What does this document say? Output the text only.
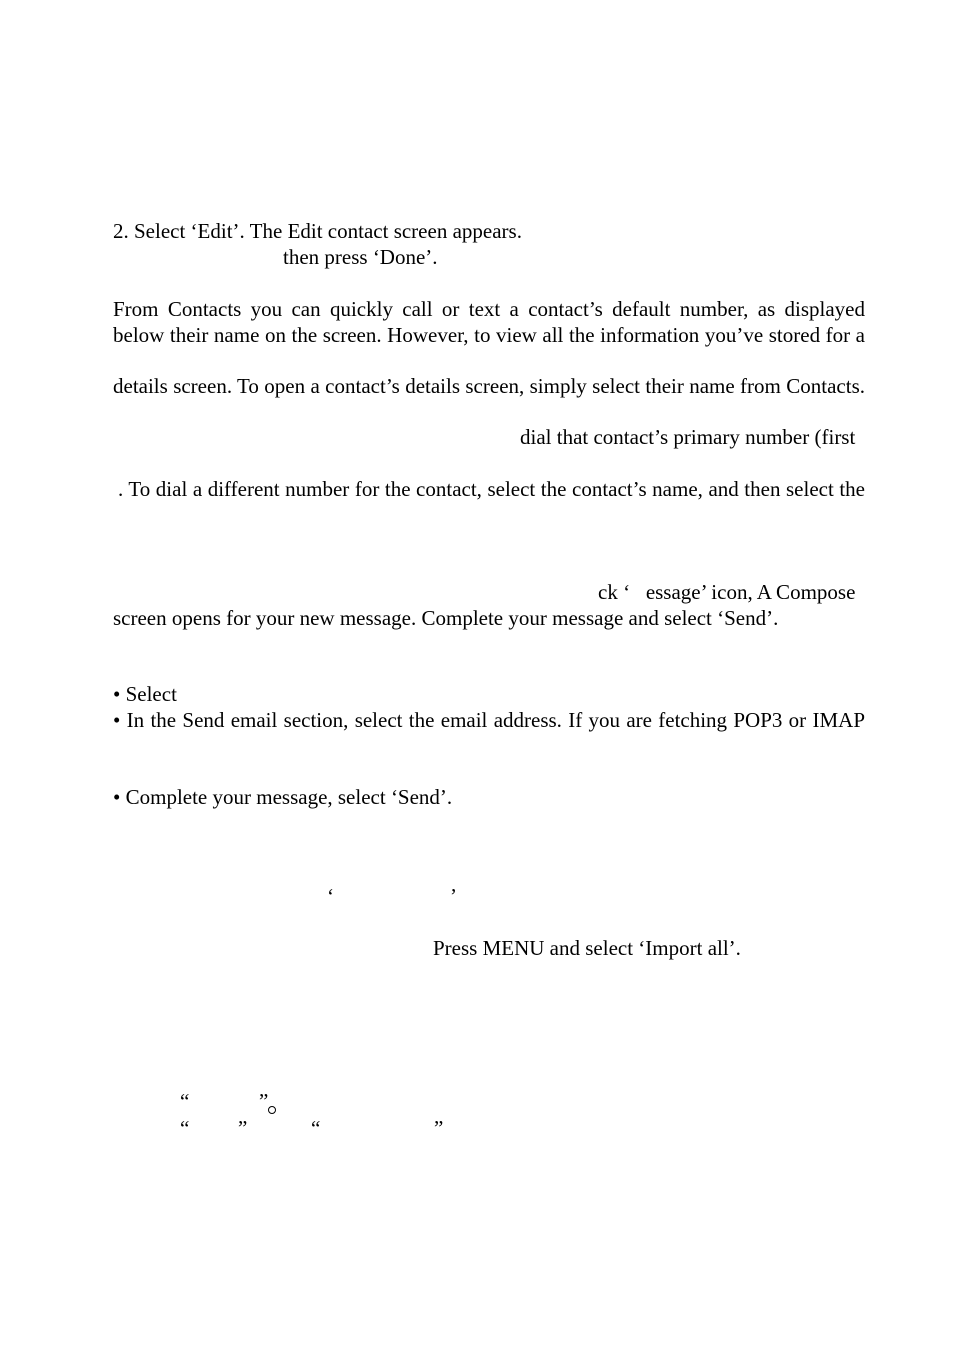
2. Select ‘Edit’. The Edit contact screen appears.
then press ‘Done’.
From Contacts you can quickly call or text a contact’s default number, as displayed
below their name on the screen. However, to view all the information you’ve stored for a
details screen. To open a contact’s details screen, simply select their name from Contacts.
dial that contact’s primary number (first
. To dial a different number for the contact, select the contact’s name, and then select the
ck ‘   essage’ icon, A Compose
screen opens for your new message. Complete your message and select ‘Send’.
• Select
• In the Send email section, select the email address. If you are fetching POP3 or IMAP
• Complete your message, select ‘Send’.
‘	’
Press MENU and select ‘Import all’.
“	”
“ ”	“	”
